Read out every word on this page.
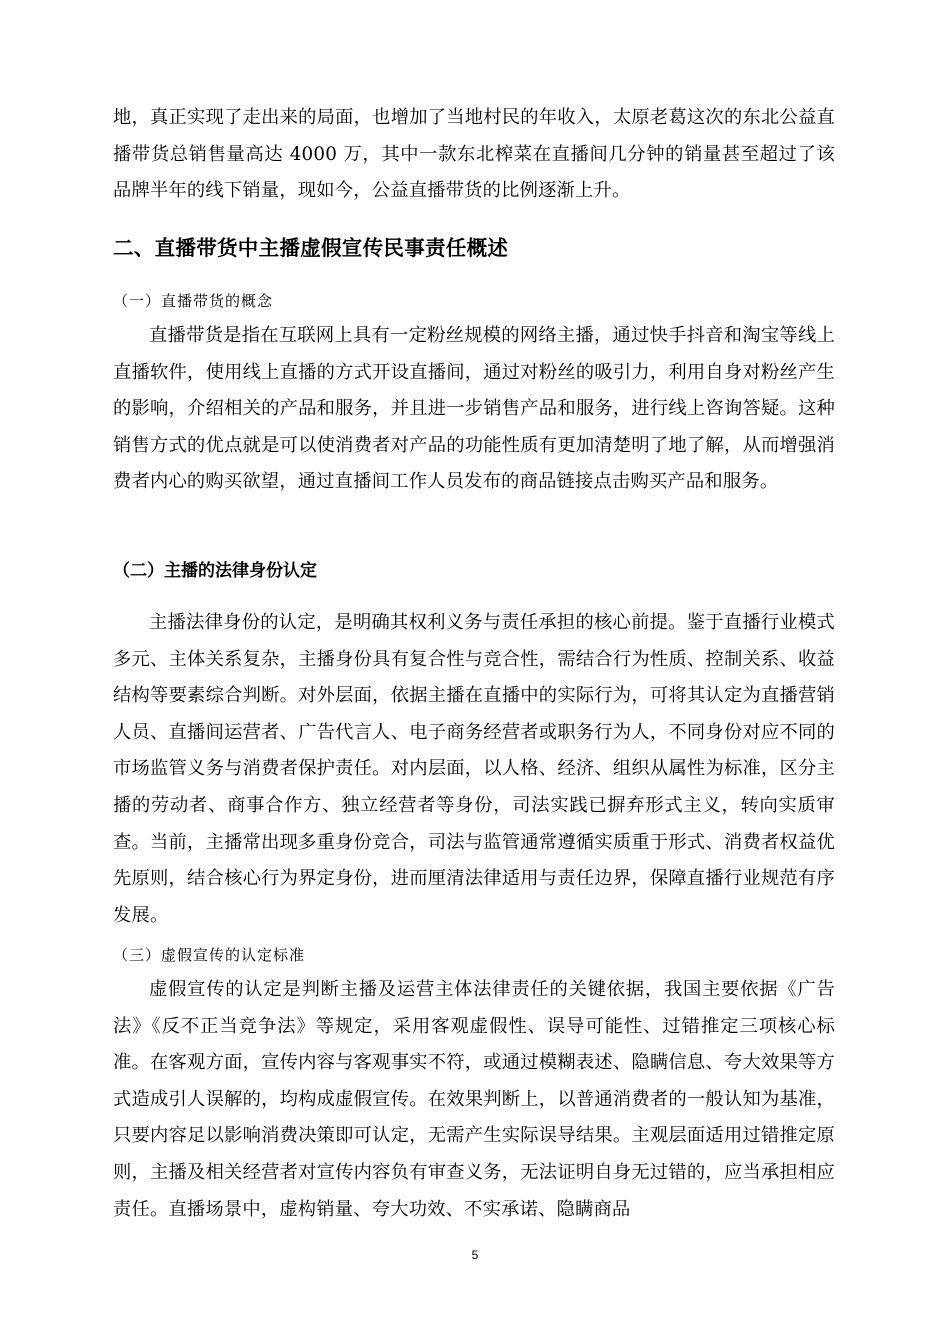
地，真正实现了走出来的局面，也增加了当地村民的年收入，太原老葛这次的东北公益直播带货总销售量高达 4000 万，其中一款东北榨菜在直播间几分钟的销量甚至超过了该品牌半年的线下销量，现如今，公益直播带货的比例逐渐上升。

二、直播带货中主播虚假宣传民事责任概述
（一）直播带货的概念

直播带货是指在互联网上具有一定粉丝规模的网络主播，通过快手抖音和淘宝等线上直播软件，使用线上直播的方式开设直播间，通过对粉丝的吸引力，利用自身对粉丝产生的影响，介绍相关的产品和服务，并且进一步销售产品和服务，进行线上咨询答疑。这种销售方式的优点就是可以使消费者对产品的功能性质有更加清楚明了地了解，从而增强消费者内心的购买欲望，通过直播间工作人员发布的商品链接点击购买产品和服务。

（二）主播的法律身份认定

主播法律身份的认定，是明确其权利义务与责任承担的核心前提。鉴于直播行业模式多元、主体关系复杂，主播身份具有复合性与竞合性，需结合行为性质、控制关系、收益结构等要素综合判断。对外层面，依据主播在直播中的实际行为，可将其认定为直播营销人员、直播间运营者、广告代言人、电子商务经营者或职务行为人，不同身份对应不同的市场监管义务与消费者保护责任。对内层面，以人格、经济、组织从属性为标准，区分主播的劳动者、商事合作方、独立经营者等身份，司法实践已摒弃形式主义，转向实质审查。当前，主播常出现多重身份竞合，司法与监管通常遵循实质重于形式、消费者权益优先原则，结合核心行为界定身份，进而厘清法律适用与责任边界，保障直播行业规范有序发展。

（三）虚假宣传的认定标准

虚假宣传的认定是判断主播及运营主体法律责任的关键依据，我国主要依据《广告法》《反不正当竞争法》等规定，采用客观虚假性、误导可能性、过错推定三项核心标准。在客观方面，宣传内容与客观事实不符，或通过模糊表述、隐瞒信息、夸大效果等方式造成引人误解的，均构成虚假宣传。在效果判断上，以普通消费者的一般认知为基准，只要内容足以影响消费决策即可认定，无需产生实际误导结果。主观层面适用过错推定原则，主播及相关经营者对宣传内容负有审查义务，无法证明自身无过错的，应当承担相应责任。直播场景中，虚构销量、夸大功效、不实承诺、隐瞒商品

5
